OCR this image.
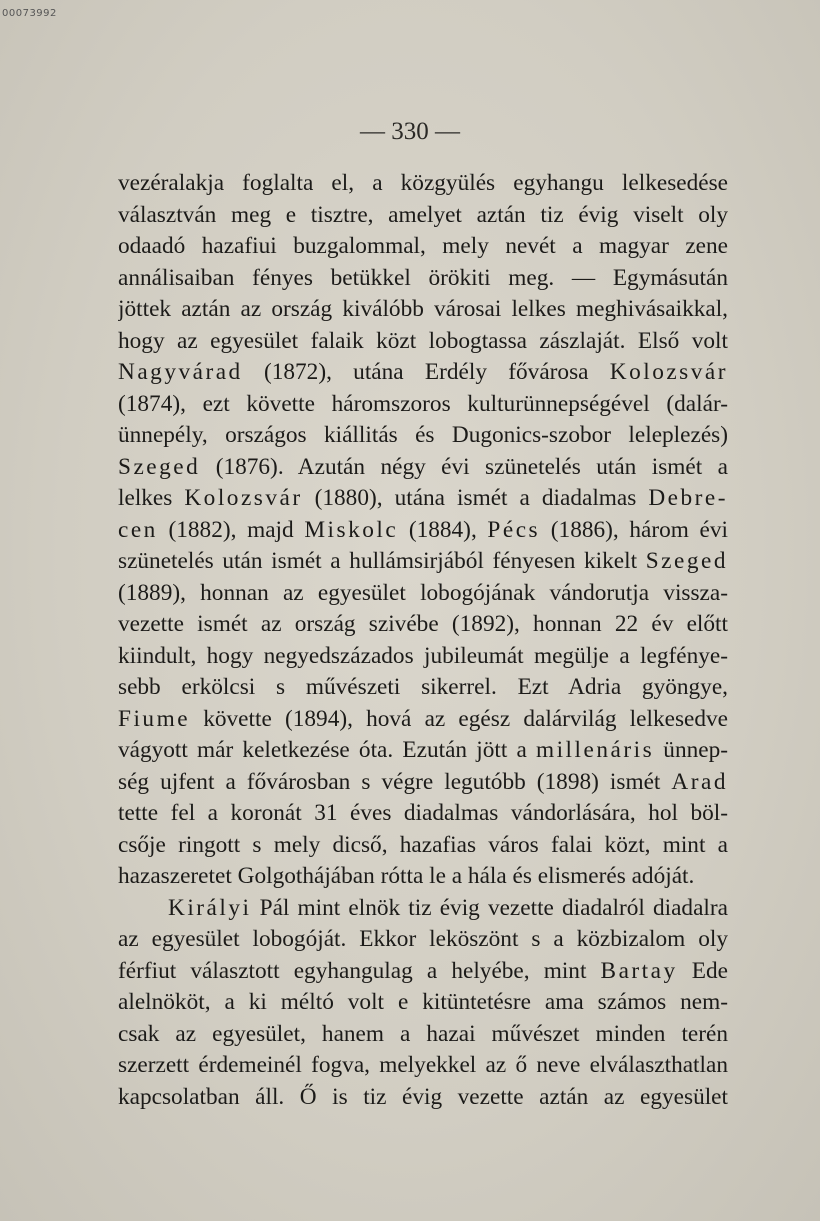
00073992
— 330 —
vezéralakja foglalta el, a közgyülés egyhangu lelkesedése
választván meg e tisztre, amelyet aztán tiz évig viselt oly
odaadó hazafiui buzgalommal, mely nevét a magyar zene
annálisaiban fényes betükkel örökiti meg. — Egymásután
jöttek aztán az ország kiválóbb városai lelkes meghivásaikkal,
hogy az egyesület falaik közt lobogtassa zászlaját. Első volt
Nagyvárad (1872), utána Erdély fővárosa Kolozsvár
(1874), ezt követte háromszoros kulturünnepségével (dalár-
ünnepély, országos kiállitás és Dugonics-szobor leleplezés)
Szeged (1876). Azután négy évi szünetelés után ismét a
lelkes Kolozsvár (1880), utána ismét a diadalmas Debre-
cen (1882), majd Miskolc (1884), Pécs (1886), három évi
szünetelés után ismét a hullámsirjából fényesen kikelt Szeged
(1889), honnan az egyesület lobogójának vándorutja vissza-
vezette ismét az ország szivébe (1892), honnan 22 év előtt
kiindult, hogy negyedszázados jubileumát megülje a legfénye-
sebb erkölcsi s művészeti sikerrel. Ezt Adria gyöngye,
Fiume követte (1894), hová az egész dalárvilág lelkesedve
vágyott már keletkezése óta. Ezután jött a millenáris ünnep-
ség ujfent a fővárosban s végre legutóbb (1898) ismét Arad
tette fel a koronát 31 éves diadalmas vándorlására, hol böl-
csője ringott s mely dicső, hazafias város falai közt, mint a
hazaszeretet Golgothájában rótta le a hála és elismerés adóját.
Királyi Pál mint elnök tiz évig vezette diadalról diadalra
az egyesület lobogóját. Ekkor leköszönt s a közbizalom oly
férfiut választott egyhangulag a helyébe, mint Bartay Ede
alelnököt, a ki méltó volt e kitüntetésre ama számos nem-
csak az egyesület, hanem a hazai művészet minden terén
szerzett érdemeinél fogva, melyekkel az ő neve elválaszthatlan
kapcsolatban áll. Ő is tiz évig vezette aztán az egyesület
